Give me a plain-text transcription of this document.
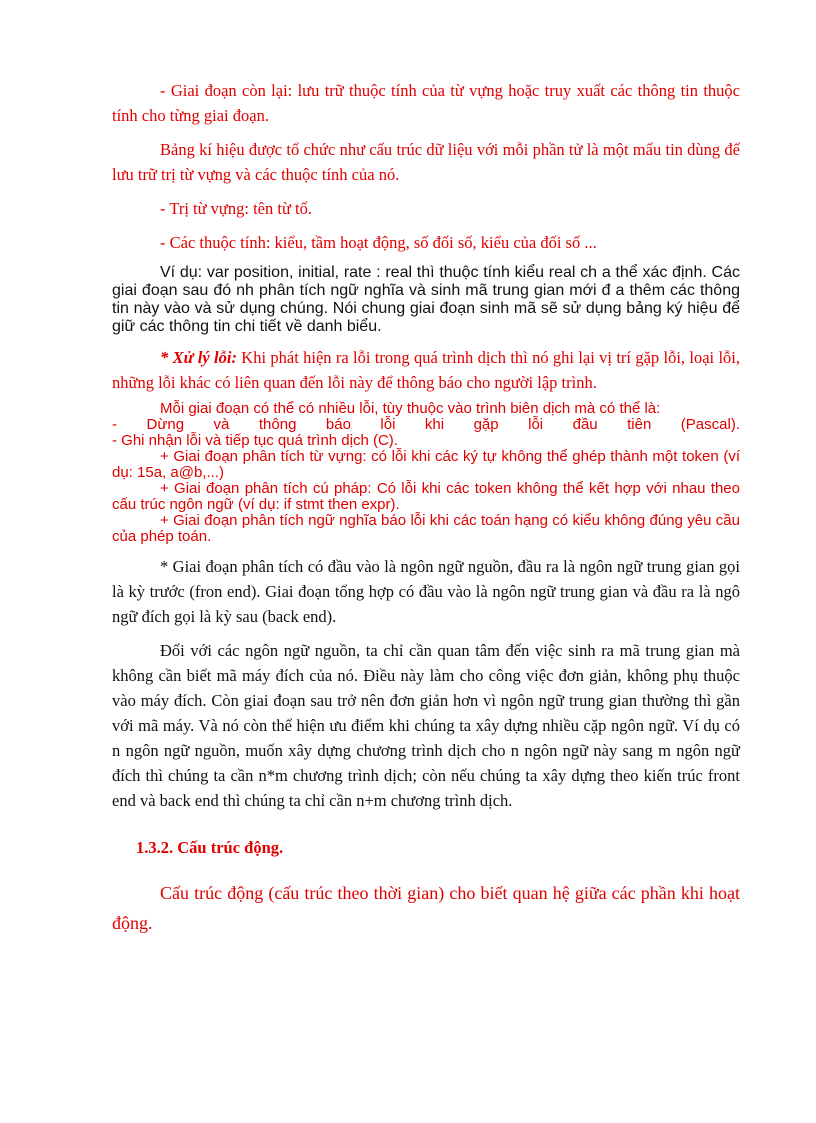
- Giai đoạn còn lại: lưu trữ thuộc tính của từ vựng hoặc truy xuất các thông tin thuộc tính cho từng giai đoạn.

Bảng kí hiệu được tổ chức như cấu trúc dữ liệu với mỗi phần tử là một mẩu tin dùng để lưu trữ trị từ vựng và các thuộc tính của nó.

- Trị từ vựng: tên từ tố.

- Các thuộc tính: kiểu, tầm hoạt động, số đối số, kiểu của đối số ...

Ví dụ: var position, initial, rate : real thì thuộc tính kiểu real ch a thể xác định. Các giai đoạn sau đó nh phân tích ngữ nghĩa và sinh mã trung gian mới đ a thêm các thông tin này vào và sử dụng chúng. Nói chung giai đoạn sinh mã sẽ sử dụng bảng ký hiệu để giữ các thông tin chi tiết về danh biểu.

* Xử lý lỗi: Khi phát hiện ra lỗi trong quá trình dịch thì nó ghi lại vị trí gặp lỗi, loại lỗi, những lỗi khác có liên quan đến lỗi này để thông báo cho người lập trình.

Mỗi giai đoạn có thể có nhiều lỗi, tùy thuộc vào trình biên dịch mà có thể là:

- Dừng và thông báo lỗi khi gặp lỗi đầu tiên (Pascal).

- Ghi nhận lỗi và tiếp tục quá trình dịch (C).

+ Giai đoạn phân tích từ vựng: có lỗi khi các ký tự không thể ghép thành một token (ví dụ: 15a, a@b,...)

+ Giai đoạn phân tích cú pháp: Có lỗi khi các token không thể kết hợp với nhau theo cấu trúc ngôn ngữ (ví dụ: if stmt then expr).

+ Giai đoạn phân tích ngữ nghĩa báo lỗi khi các toán hạng có kiểu không đúng yêu cầu của phép toán.

* Giai đoạn phân tích có đầu vào là ngôn ngữ nguồn, đầu ra là ngôn ngữ trung gian gọi là kỳ trước (fron end). Giai đoạn tổng hợp có đầu vào là ngôn ngữ trung gian và đầu ra là ngô ngữ đích gọi là kỳ sau (back end).

Đối với các ngôn ngữ nguồn, ta chỉ cần quan tâm đến việc sinh ra mã trung gian mà không cần biết mã máy đích của nó. Điều này làm cho công việc đơn giản, không phụ thuộc vào máy đích. Còn giai đoạn sau trở nên đơn giản hơn vì ngôn ngữ trung gian thường thì gần với mã máy. Và nó còn thể hiện ưu điểm khi chúng ta xây dựng nhiều cặp ngôn ngữ. Ví dụ có n ngôn ngữ nguồn, muốn xây dựng chương trình dịch cho n ngôn ngữ này sang m ngôn ngữ đích thì chúng ta cần n*m chương trình dịch; còn nếu chúng ta xây dựng theo kiến trúc front end và back end thì chúng ta chỉ cần n+m chương trình dịch.

1.3.2. Cấu trúc động.

Cấu trúc động (cấu trúc theo thời gian) cho biết quan hệ giữa các phần khi hoạt động.
